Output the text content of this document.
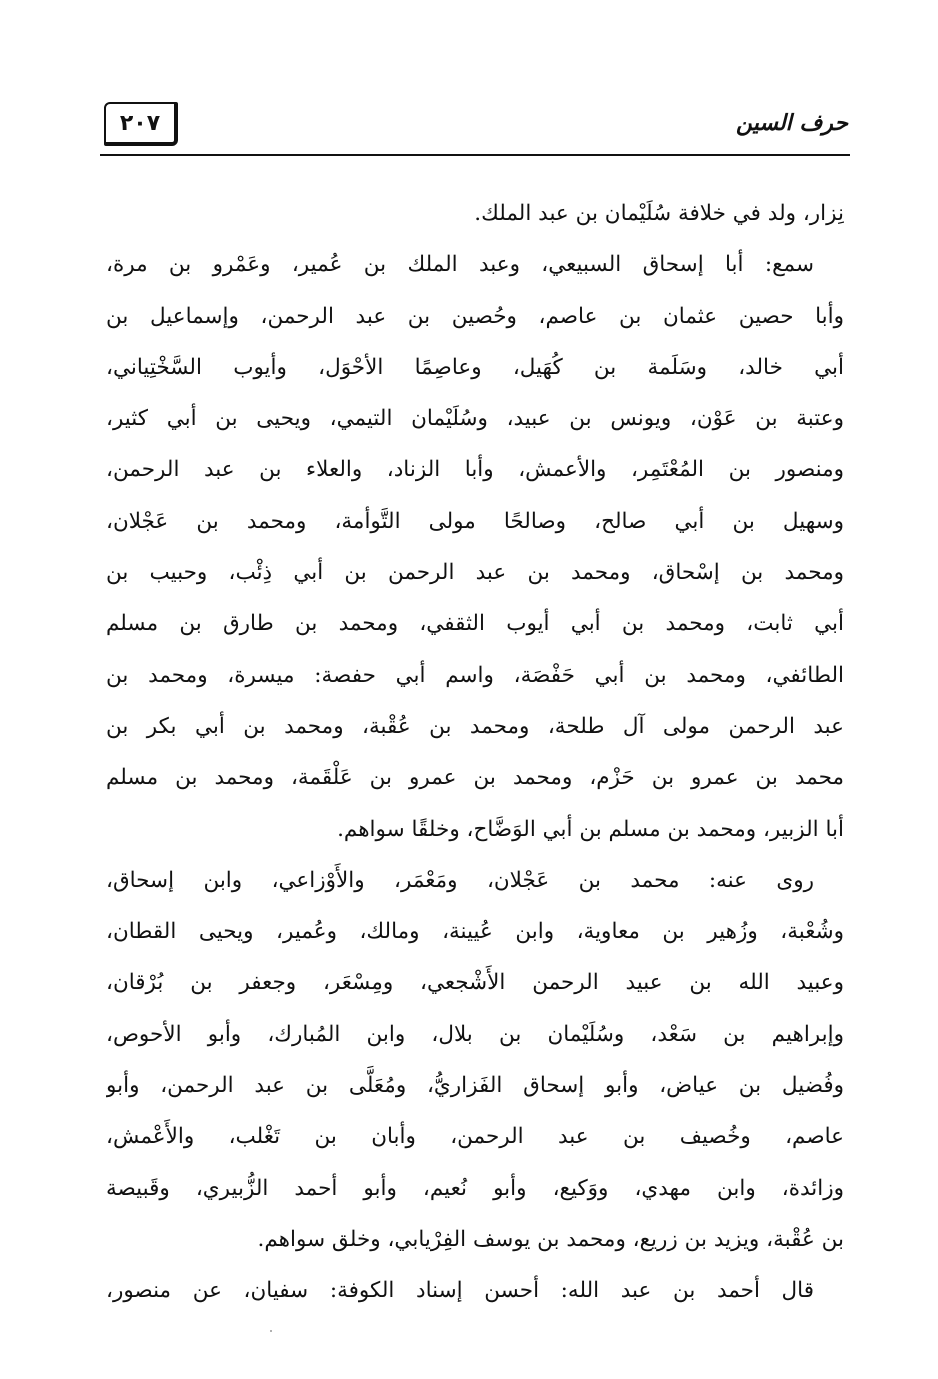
٢٠٧	حرف السين
نِزار، ولد في خلافة سُلَيْمان بن عبد الملك.
سمع: أبا إسحاق السبيعي، وعبد الملك بن عُمير، وعَمْرو بن مرة،
وأبا حصين عثمان بن عاصم، وحُصين بن عبد الرحمن، وإسماعيل بن
أبي خالد، وسَلَمة بن كُهَيل، وعاصِمًا الأحْوَل، وأيوب السَّخْتِياني،
وعتبة بن عَوْن، ويونس بن عبيد، وسُلَيْمان التيمي، ويحيى بن أبي كثير،
ومنصور بن المُعْتَمِر، والأعمش، وأبا الزناد، والعلاء بن عبد الرحمن،
وسهيل بن أبي صالح، وصالحًا مولى التَّوأمة، ومحمد بن عَجْلان،
ومحمد بن إسْحاق، ومحمد بن عبد الرحمن بن أبي ذِئْب، وحبيب بن
أبي ثابت، ومحمد بن أبي أيوب الثقفي، ومحمد بن طارق بن مسلم
الطائفي، ومحمد بن أبي حَفْصَة، واسم أبي حفصة: ميسرة، ومحمد بن
عبد الرحمن مولى آل طلحة، ومحمد بن عُقْبة، ومحمد بن أبي بكر بن
محمد بن عمرو بن حَزْم، ومحمد بن عمرو بن عَلْقَمة، ومحمد بن مسلم
أبا الزبير، ومحمد بن مسلم بن أبي الوَضَّاح، وخلقًا سواهم.
روى عنه: محمد بن عَجْلان، ومَعْمَر، والأَوْزاعي، وابن إسحاق،
وشُعْبة، وزُهير بن معاوية، وابن عُيينة، ومالك، وعُمير، ويحيى القطان،
وعبيد الله بن عبيد الرحمن الأَشْجعي، ومِسْعَر، وجعفر بن بُرْقان،
وإبراهيم بن سَعْد، وسُلَيْمان بن بلال، وابن المُبارك، وأبو الأحوص،
وفُضيل بن عياض، وأبو إسحاق الفَزاريُّ، ومُعَلَّى بن عبد الرحمن، وأبو
عاصم، وخُصيف بن عبد الرحمن، وأبان بن تَغْلب، والأَعْمش،
وزائدة، وابن مهدي، ووَكيع، وأبو نُعيم، وأبو أحمد الزُّبيري، وقَبيصة
بن عُقْبة، ويزيد بن زريع، ومحمد بن يوسف الفِرْيابي، وخلق سواهم.
قال أحمد بن عبد الله: أحسن إسناد الكوفة: سفيان، عن منصور،
